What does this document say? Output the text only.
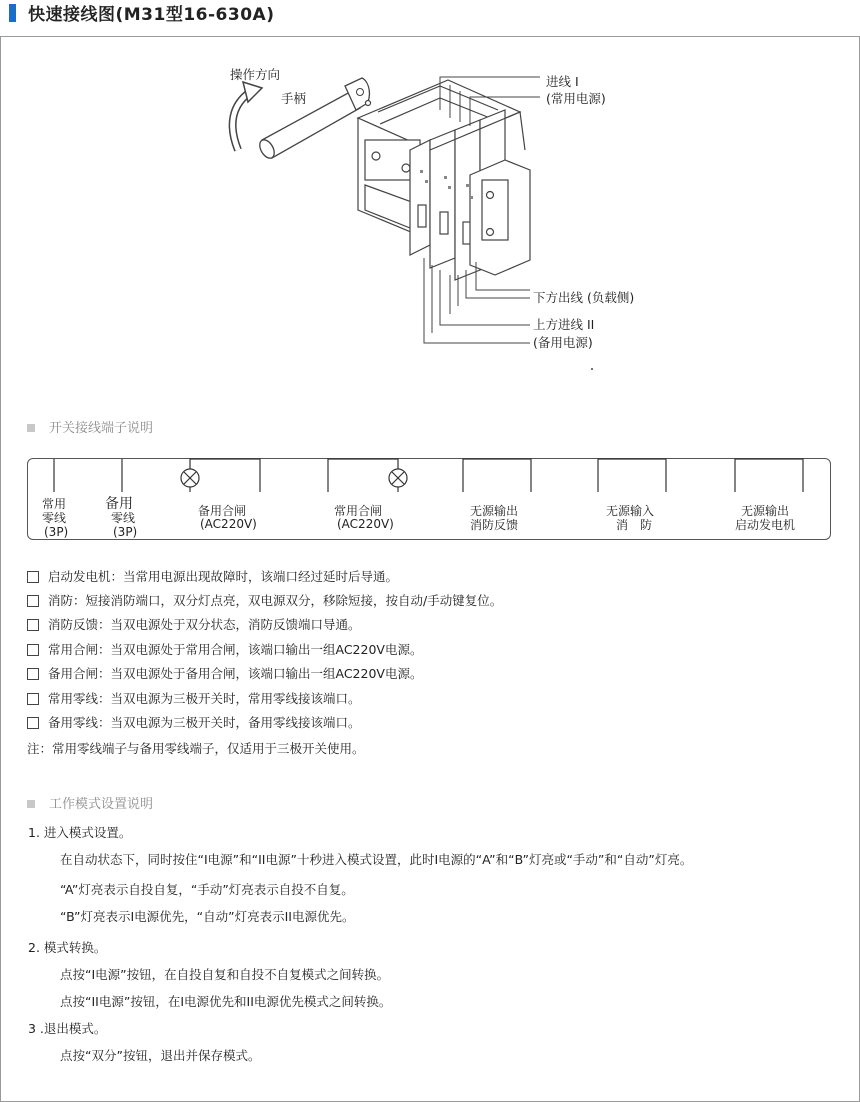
快速接线图(M31型16-630A)
操作方向
手柄
进线 I
(常用电源)
下方出线 (负载侧)
上方进线 II
(备用电源)
开关接线端子说明
常用
零线
(3P)
备用
零线
(3P)
备用合闸
(AC220V)
常用合闸
(AC220V)
无源输出
消防反馈
无源输入
消　防
无源输出
启动发电机
启动发电机：当常用电源出现故障时，该端口经过延时后导通。
消防：短接消防端口，双分灯点亮，双电源双分，移除短接，按自动/手动键复位。
消防反馈：当双电源处于双分状态，消防反馈端口导通。
常用合闸：当双电源处于常用合闸，该端口输出一组AC220V电源。
备用合闸：当双电源处于备用合闸，该端口输出一组AC220V电源。
常用零线：当双电源为三极开关时，常用零线接该端口。
备用零线：当双电源为三极开关时，备用零线接该端口。
注：常用零线端子与备用零线端子，仅适用于三极开关使用。
工作模式设置说明
1. 进入模式设置。
在自动状态下，同时按住“I电源”和“II电源”十秒进入模式设置，此时I电源的“A”和“B”灯亮或“手动”和“自动”灯亮。
“A”灯亮表示自投自复，“手动”灯亮表示自投不自复。
“B”灯亮表示I电源优先，“自动”灯亮表示II电源优先。
2. 模式转换。
点按“I电源”按钮，在自投自复和自投不自复模式之间转换。
点按“II电源”按钮，在I电源优先和II电源优先模式之间转换。
3 .退出模式。
点按“双分”按钮，退出并保存模式。
